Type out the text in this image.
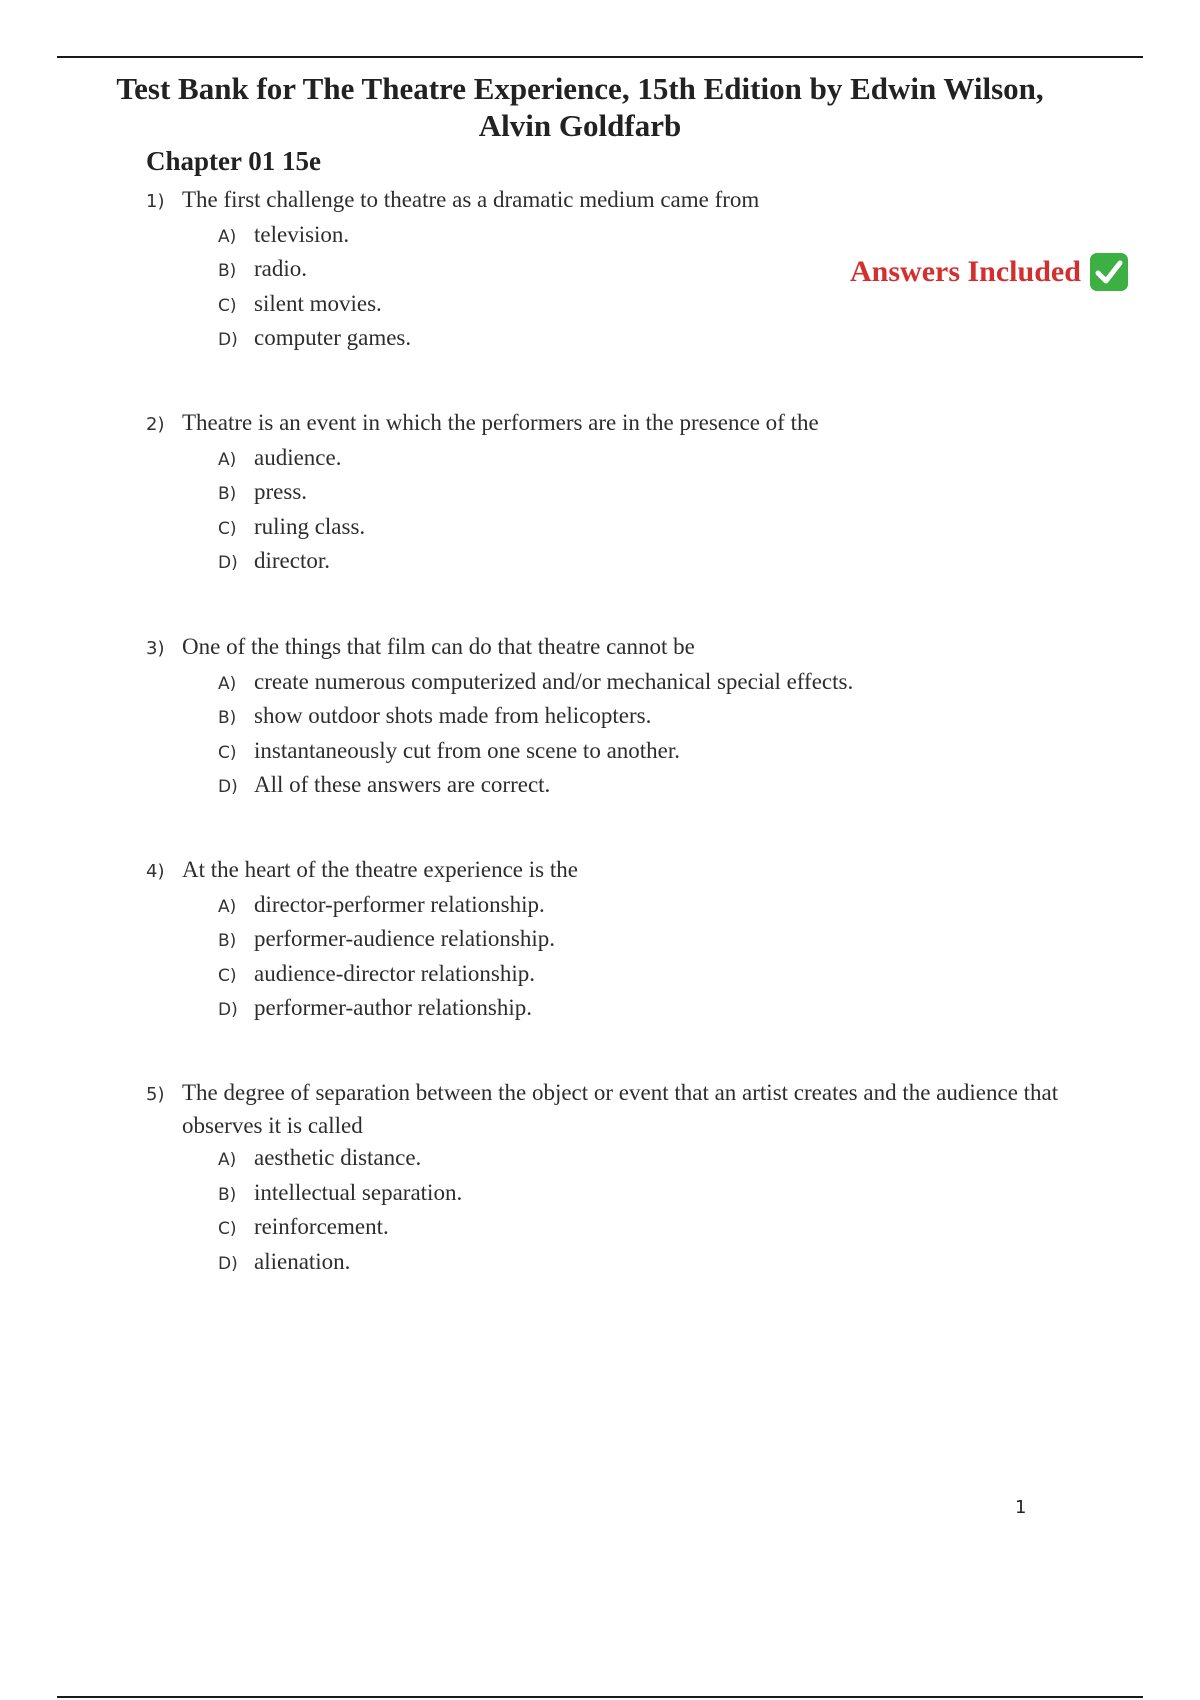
Test Bank for The Theatre Experience, 15th Edition by Edwin Wilson,
Alvin Goldfarb
Chapter 01 15e
Answers Included
1) The first challenge to theatre as a dramatic medium came from
A) television.
B) radio.
C) silent movies.
D) computer games.
2) Theatre is an event in which the performers are in the presence of the
A) audience.
B) press.
C) ruling class.
D) director.
3) One of the things that film can do that theatre cannot be
A) create numerous computerized and/or mechanical special effects.
B) show outdoor shots made from helicopters.
C) instantaneously cut from one scene to another.
D) All of these answers are correct.
4) At the heart of the theatre experience is the
A) director-performer relationship.
B) performer-audience relationship.
C) audience-director relationship.
D) performer-author relationship.
5) The degree of separation between the object or event that an artist creates and the audience that observes it is called
A) aesthetic distance.
B) intellectual separation.
C) reinforcement.
D) alienation.
1
